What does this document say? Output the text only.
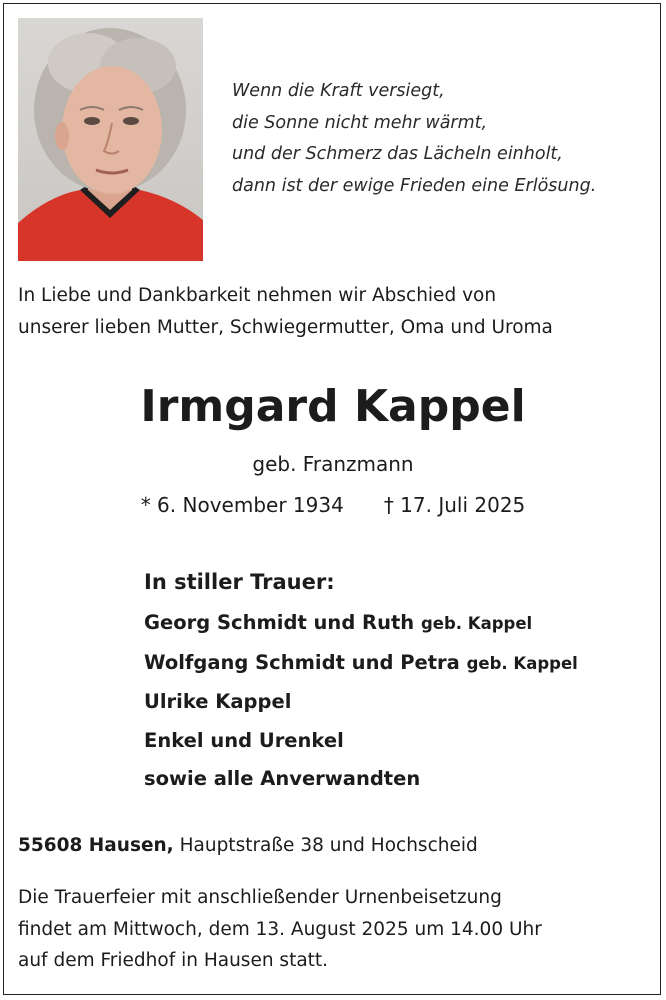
Wenn die Kraft versiegt,
die Sonne nicht mehr wärmt,
und der Schmerz das Lächeln einholt,
dann ist der ewige Frieden eine Erlösung.
In Liebe und Dankbarkeit nehmen wir Abschied von
unserer lieben Mutter, Schwiegermutter, Oma und Uroma
Irmgard Kappel
geb. Franzmann
* 6. November 1934 † 17. Juli 2025
In stiller Trauer:
Georg Schmidt und Ruth geb. Kappel
Wolfgang Schmidt und Petra geb. Kappel
Ulrike Kappel
Enkel und Urenkel
sowie alle Anverwandten
55608 Hausen, Hauptstraße 38 und Hochscheid
Die Trauerfeier mit anschließender Urnenbeisetzung
findet am Mittwoch, dem 13. August 2025 um 14.00 Uhr
auf dem Friedhof in Hausen statt.
